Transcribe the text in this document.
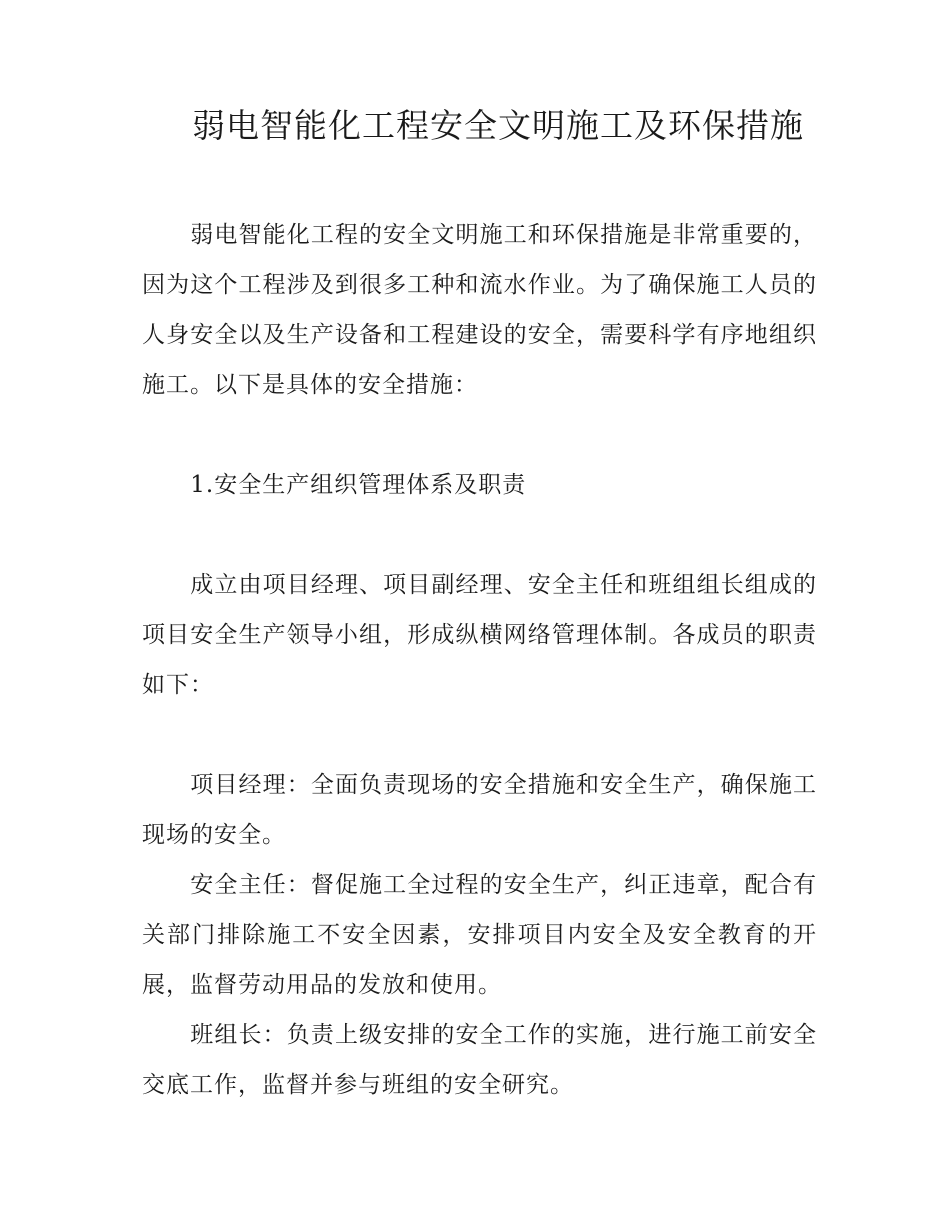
弱电智能化工程安全文明施工及环保措施

弱电智能化工程的安全文明施工和环保措施是非常重要的，因为这个工程涉及到很多工种和流水作业。为了确保施工人员的人身安全以及生产设备和工程建设的安全，需要科学有序地组织施工。以下是具体的安全措施：

1.安全生产组织管理体系及职责

成立由项目经理、项目副经理、安全主任和班组组长组成的项目安全生产领导小组，形成纵横网络管理体制。各成员的职责如下：

项目经理：全面负责现场的安全措施和安全生产，确保施工现场的安全。

安全主任：督促施工全过程的安全生产，纠正违章，配合有关部门排除施工不安全因素，安排项目内安全及安全教育的开展，监督劳动用品的发放和使用。

班组长：负责上级安排的安全工作的实施，进行施工前安全交底工作，监督并参与班组的安全研究。
